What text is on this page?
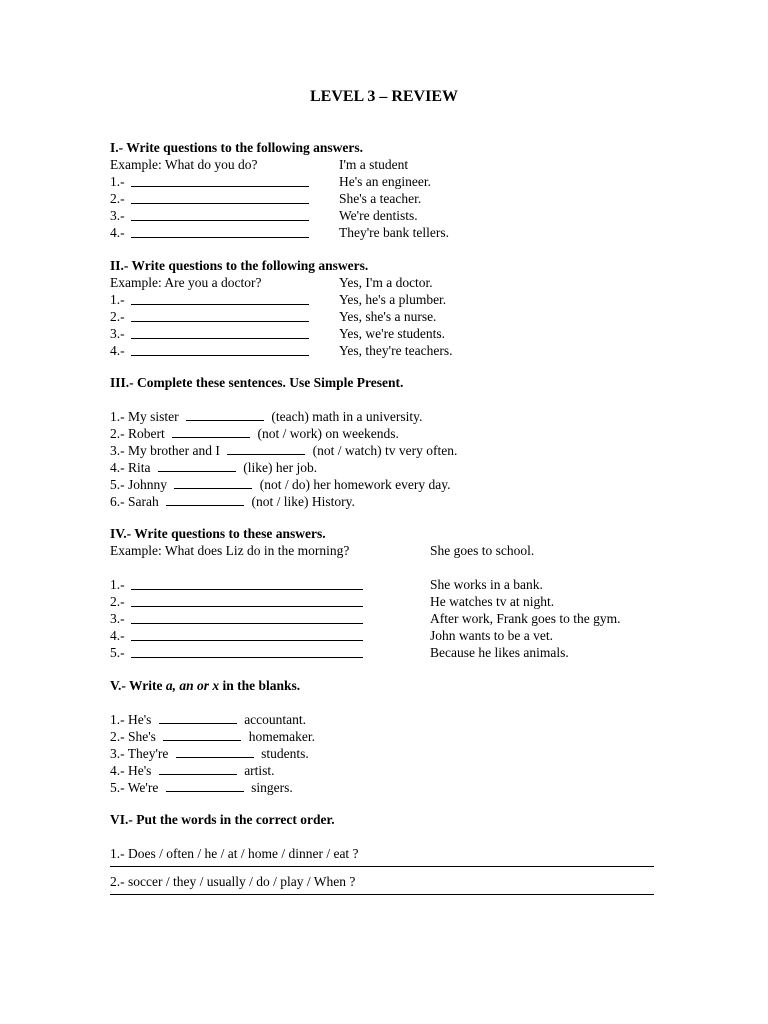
LEVEL 3 – REVIEW
I.- Write questions to the following answers.
Example: What do you do?	I'm a student
1.-	He's an engineer.
2.-	She's a teacher.
3.-	We're dentists.
4.-	They're bank tellers.
II.- Write questions to the following answers.
Example: Are you a doctor?	Yes, I'm a doctor.
1.-	Yes, he's a plumber.
2.-	Yes, she's a nurse.
3.-	Yes, we're students.
4.-	Yes, they're teachers.
III.- Complete these sentences. Use Simple Present.
1.- My sister	(teach) math in a university.
2.- Robert	(not / work) on weekends.
3.- My brother and I	(not / watch) tv very often.
4.- Rita	(like) her job.
5.- Johnny	(not / do) her homework every day.
6.- Sarah	(not / like) History.
IV.- Write questions to these answers.
Example: What does Liz do in the morning?	She goes to school.
1.-	She works in a bank.
2.-	He watches tv at night.
3.-	After work, Frank goes to the gym.
4.-	John wants to be a vet.
5.-	Because he likes animals.
V.- Write a, an or x in the blanks.
1.- He's	accountant.
2.- She's	homemaker.
3.- They're	students.
4.- He's	artist.
5.- We're	singers.
VI.- Put the words in the correct order.
1.- Does / often / he / at / home / dinner / eat ?
2.- soccer / they / usually / do / play / When ?
